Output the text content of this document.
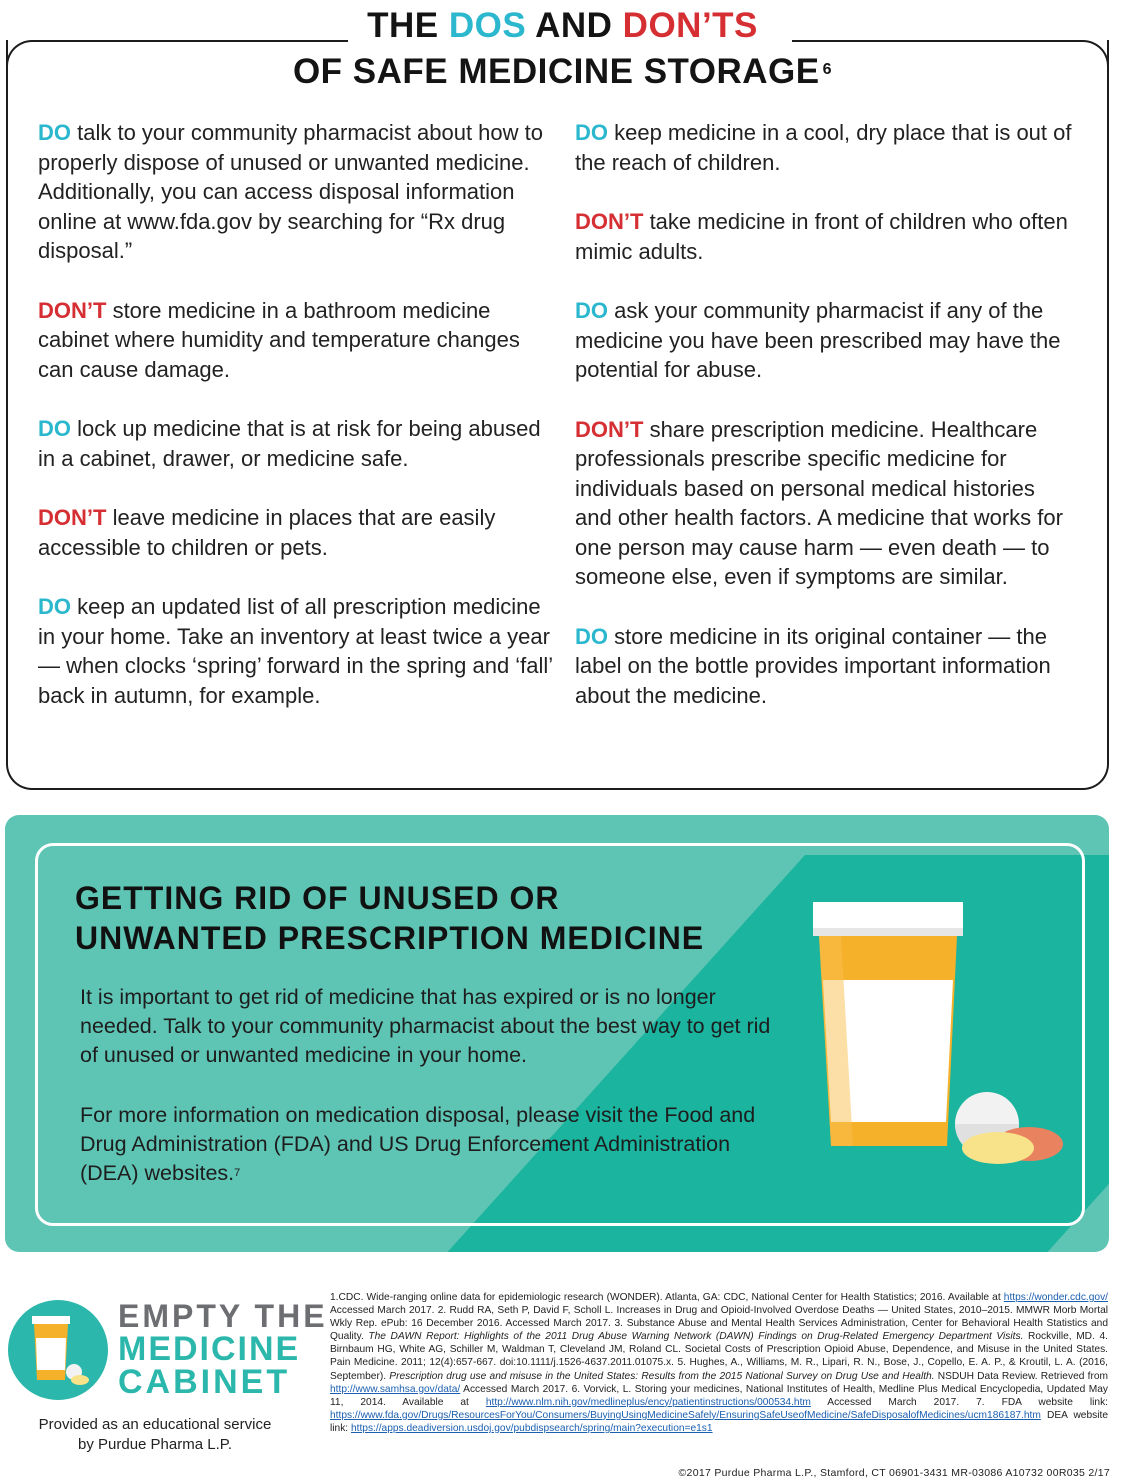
THE DOS AND DON’TS
OF SAFE MEDICINE STORAGE $^6$
DO talk to your community pharmacist about how to properly dispose of unused or unwanted medicine. Additionally, you can access disposal information online at www.fda.gov by searching for “Rx drug disposal.”
DON’T store medicine in a bathroom medicine cabinet where humidity and temperature changes can cause damage.
DO lock up medicine that is at risk for being abused in a cabinet, drawer, or medicine safe.
DON’T leave medicine in places that are easily accessible to children or pets.
DO keep an updated list of all prescription medicine in your home. Take an inventory at least twice a year — when clocks ‘spring’ forward in the spring and ‘fall’ back in autumn, for example.
DO keep medicine in a cool, dry place that is out of the reach of children.
DON’T take medicine in front of children who often mimic adults.
DO ask your community pharmacist if any of the medicine you have been prescribed may have the potential for abuse.
DON’T share prescription medicine. Healthcare professionals prescribe specific medicine for individuals based on personal medical histories and other health factors. A medicine that works for one person may cause harm — even death — to someone else, even if symptoms are similar.
DO store medicine in its original container — the label on the bottle provides important information about the medicine.
GETTING RID OF UNUSED OR
UNWANTED PRESCRIPTION MEDICINE
It is important to get rid of medicine that has expired or is no longer needed. Talk to your community pharmacist about the best way to get rid of unused or unwanted medicine in your home.
For more information on medication disposal, please visit the Food and Drug Administration (FDA) and US Drug Enforcement Administration (DEA) websites.$^7$
EMPTY THE
MEDICINE
CABINET
Provided as an educational service
by Purdue Pharma L.P.
1.CDC. Wide-ranging online data for epidemiologic research (WONDER). Atlanta, GA: CDC, National Center for Health Statistics; 2016. Available at https://wonder.cdc.gov/ Accessed March 2017. 2. Rudd RA, Seth P, David F, Scholl L. Increases in Drug and Opioid-Involved Overdose Deaths — United States, 2010–2015. MMWR Morb Mortal Wkly Rep. ePub: 16 December 2016. Accessed March 2017. 3. Substance Abuse and Mental Health Services Administration, Center for Behavioral Health Statistics and Quality. The DAWN Report: Highlights of the 2011 Drug Abuse Warning Network (DAWN) Findings on Drug-Related Emergency Department Visits. Rockville, MD. 4. Birnbaum HG, White AG, Schiller M, Waldman T, Cleveland JM, Roland CL. Societal Costs of Prescription Opioid Abuse, Dependence, and Misuse in the United States. Pain Medicine. 2011; 12(4):657-667. doi:10.1111/j.1526-4637.2011.01075.x. 5. Hughes, A., Williams, M. R., Lipari, R. N., Bose, J., Copello, E. A. P., & Kroutil, L. A. (2016, September). Prescription drug use and misuse in the United States: Results from the 2015 National Survey on Drug Use and Health. NSDUH Data Review. Retrieved from http://www.samhsa.gov/data/ Accessed March 2017. 6. Vorvick, L. Storing your medicines, National Institutes of Health, Medline Plus Medical Encyclopedia, Updated May 11, 2014. Available at http://www.nlm.nih.gov/medlineplus/ency/patientinstructions/000534.htm Accessed March 2017. 7. FDA website link: https://www.fda.gov/Drugs/ResourcesForYou/Consumers/BuyingUsingMedicineSafely/EnsuringSafeUseofMedicine/SafeDisposalofMedicines/ucm186187.htm DEA website link: https://apps.deadiversion.usdoj.gov/pubdispsearch/spring/main?execution=e1s1
©2017 Purdue Pharma L.P., Stamford, CT 06901-3431 MR-03086 A10732 00R035 2/17
